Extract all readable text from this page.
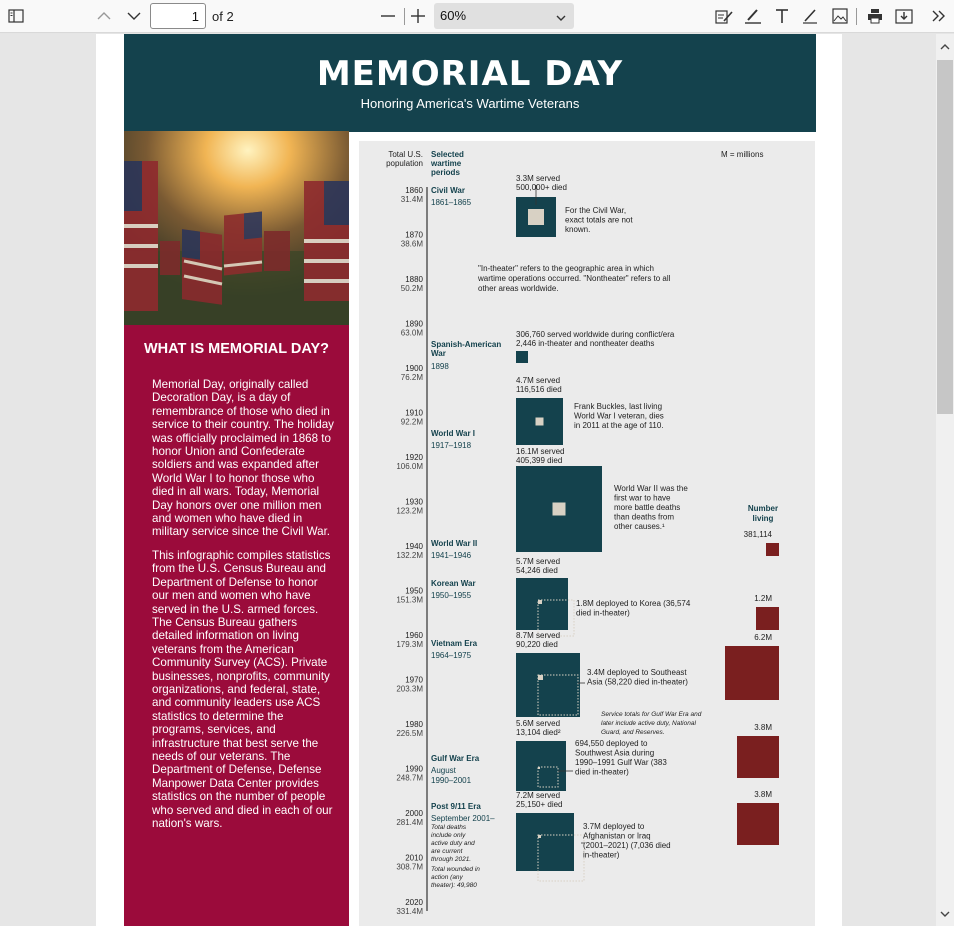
1
of 2	60%
MEMORIAL DAY
Honoring America's Wartime Veterans
WHAT IS MEMORIAL DAY?

Memorial Day, originally called Decoration Day, is a day of remembrance of those who died in service to their country. The holiday was officially proclaimed in 1868 to honor Union and Confederate soldiers and was expanded after World War I to honor those who died in all wars. Today, Memorial Day honors over one million men and women who have died in military service since the Civil War.

This infographic compiles statistics from the U.S. Census Bureau and Department of Defense to honor our men and women who have served in the U.S. armed forces. The Census Bureau gathers detailed information on living veterans from the American Community Survey (ACS). Private businesses, nonprofits, community organizations, and federal, state, and community leaders use ACS statistics to determine the programs, services, and infrastructure that best serve the needs of our veterans. The Department of Defense, Defense Manpower Data Center provides statistics on the number of people who served and died in each of our nation's wars.

Total U.S.
population
Selected
wartime
periods
M = millions
1860
31.4M
1870
38.6M
1880
50.2M
1890
63.0M
1900
76.2M
1910
92.2M
1920
106.0M
1930
123.2M
1940
132.2M
1950
151.3M
1960
179.3M
1970
203.3M
1980
226.5M
1990
248.7M
2000
281.4M
2010
308.7M
2020
331.4M
Civil War
1861–1865
3.3M served
500,000+ died
For the Civil War,
exact totals are not
known.
Spanish-American
War
1898
306,760 served worldwide during conflict/era
2,446 in-theater and nontheater deaths
World War I
1917–1918
4.7M served
116,516 died
Frank Buckles, last living
World War I veteran, dies
in 2011 at the age of 110.
World War II
1941–1946
16.1M served
405,399 died
World War II was the
first war to have
more battle deaths
than deaths from
other causes.¹
381,114
Korean War
1950–1955
5.7M served
54,246 died
1.8M deployed to Korea (36,574
died in-theater)
1.2M
Vietnam Era
1964–1975
8.7M served
90,220 died
3.4M deployed to Southeast
Asia (58,220 died in-theater)
6.2M
Gulf War Era
August
1990–2001
5.6M served
13,104 died²
694,550 deployed to
Southwest Asia during
1990–1991 Gulf War (383
died in-theater)
3.8M
Post 9/11 Era
September 2001–
7.2M served
25,150+ died
3.7M deployed to
Afghanistan or Iraq
(2001–2021) (7,036 died
in-theater)
3.8M
"In-theater" refers to the geographic area in which
wartime operations occurred. "Nontheater" refers to all
other areas worldwide.
Number
living
Service totals for Gulf War Era and
later include active duty, National
Guard, and Reserves.
Total deaths
include only
active duty and
are current
through 2021.
Total wounded in
action (any
theater): 49,980
